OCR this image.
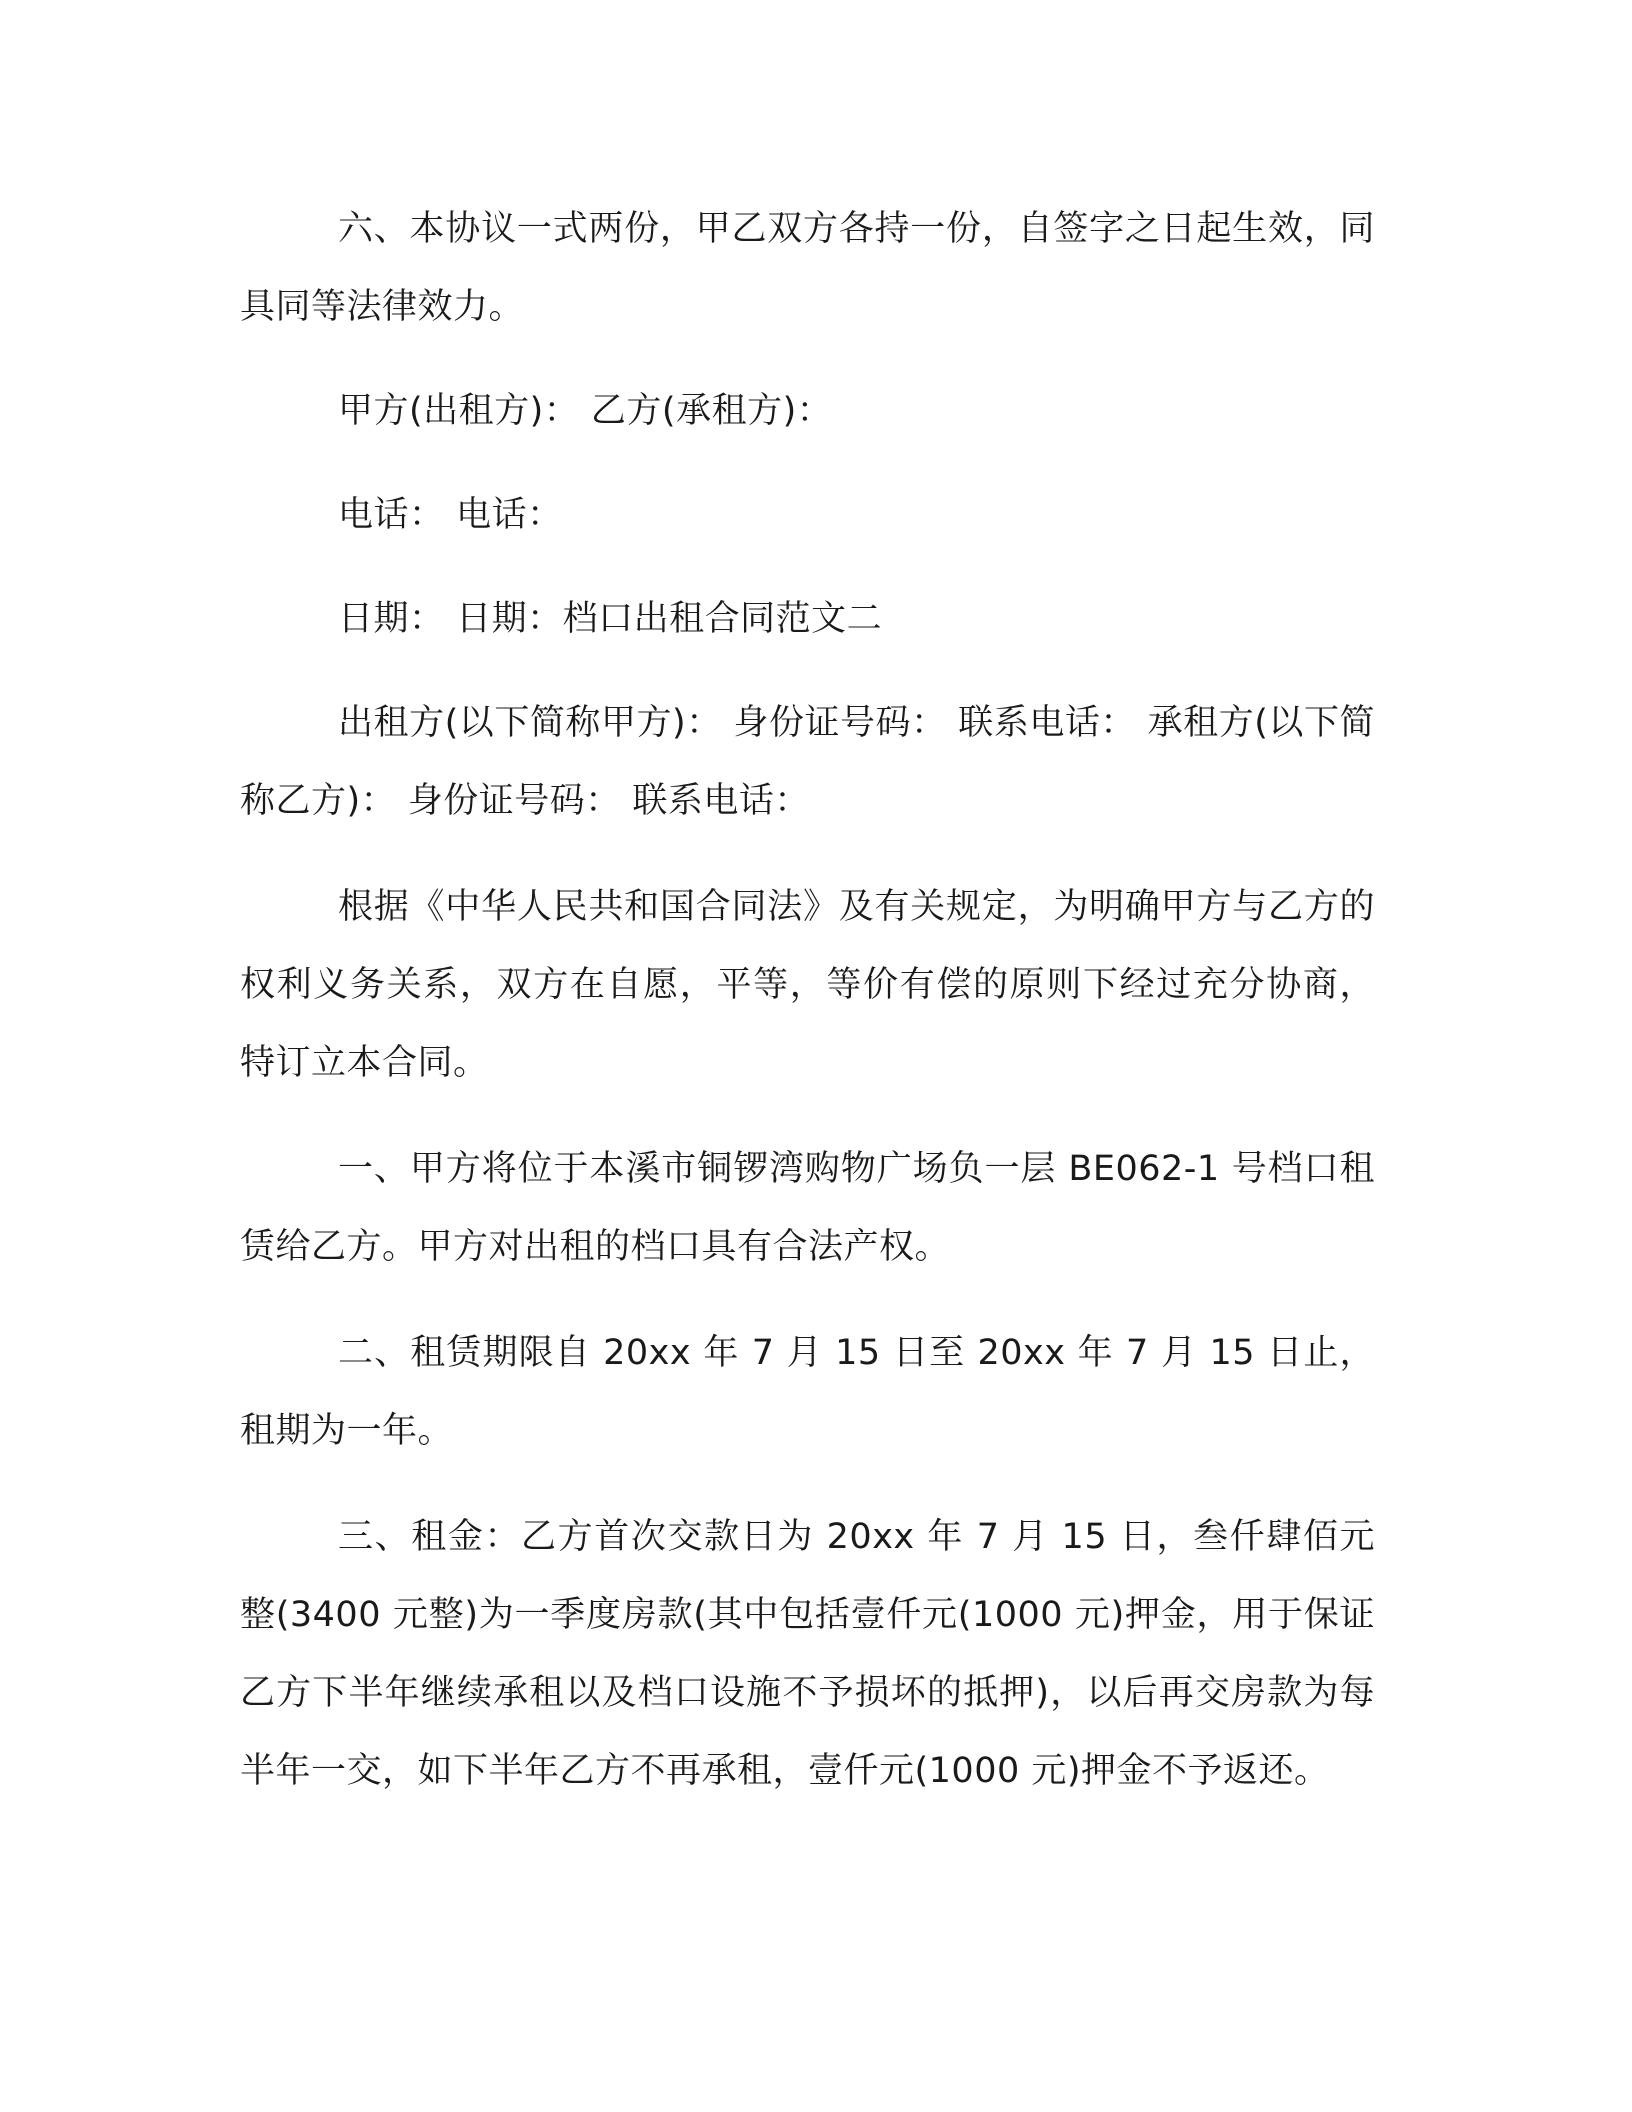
六、本协议一式两份，甲乙双方各持一份，自签字之日起生效，同具同等法律效力。

甲方(出租方)： 乙方(承租方)：

电话： 电话：

日期： 日期：档口出租合同范文二

出租方(以下简称甲方)： 身份证号码： 联系电话： 承租方(以下简称乙方)： 身份证号码： 联系电话：

根据《中华人民共和国合同法》及有关规定，为明确甲方与乙方的权利义务关系，双方在自愿，平等，等价有偿的原则下经过充分协商，特订立本合同。

一、甲方将位于本溪市铜锣湾购物广场负一层 BE062-1 号档口租赁给乙方。甲方对出租的档口具有合法产权。

二、租赁期限自 20xx 年 7 月 15 日至 20xx 年 7 月 15 日止，租期为一年。

三、租金：乙方首次交款日为 20xx 年 7 月 15 日，叁仟肆佰元整(3400 元整)为一季度房款(其中包括壹仟元(1000 元)押金，用于保证乙方下半年继续承租以及档口设施不予损坏的抵押)，以后再交房款为每半年一交，如下半年乙方不再承租，壹仟元(1000 元)押金不予返还。
